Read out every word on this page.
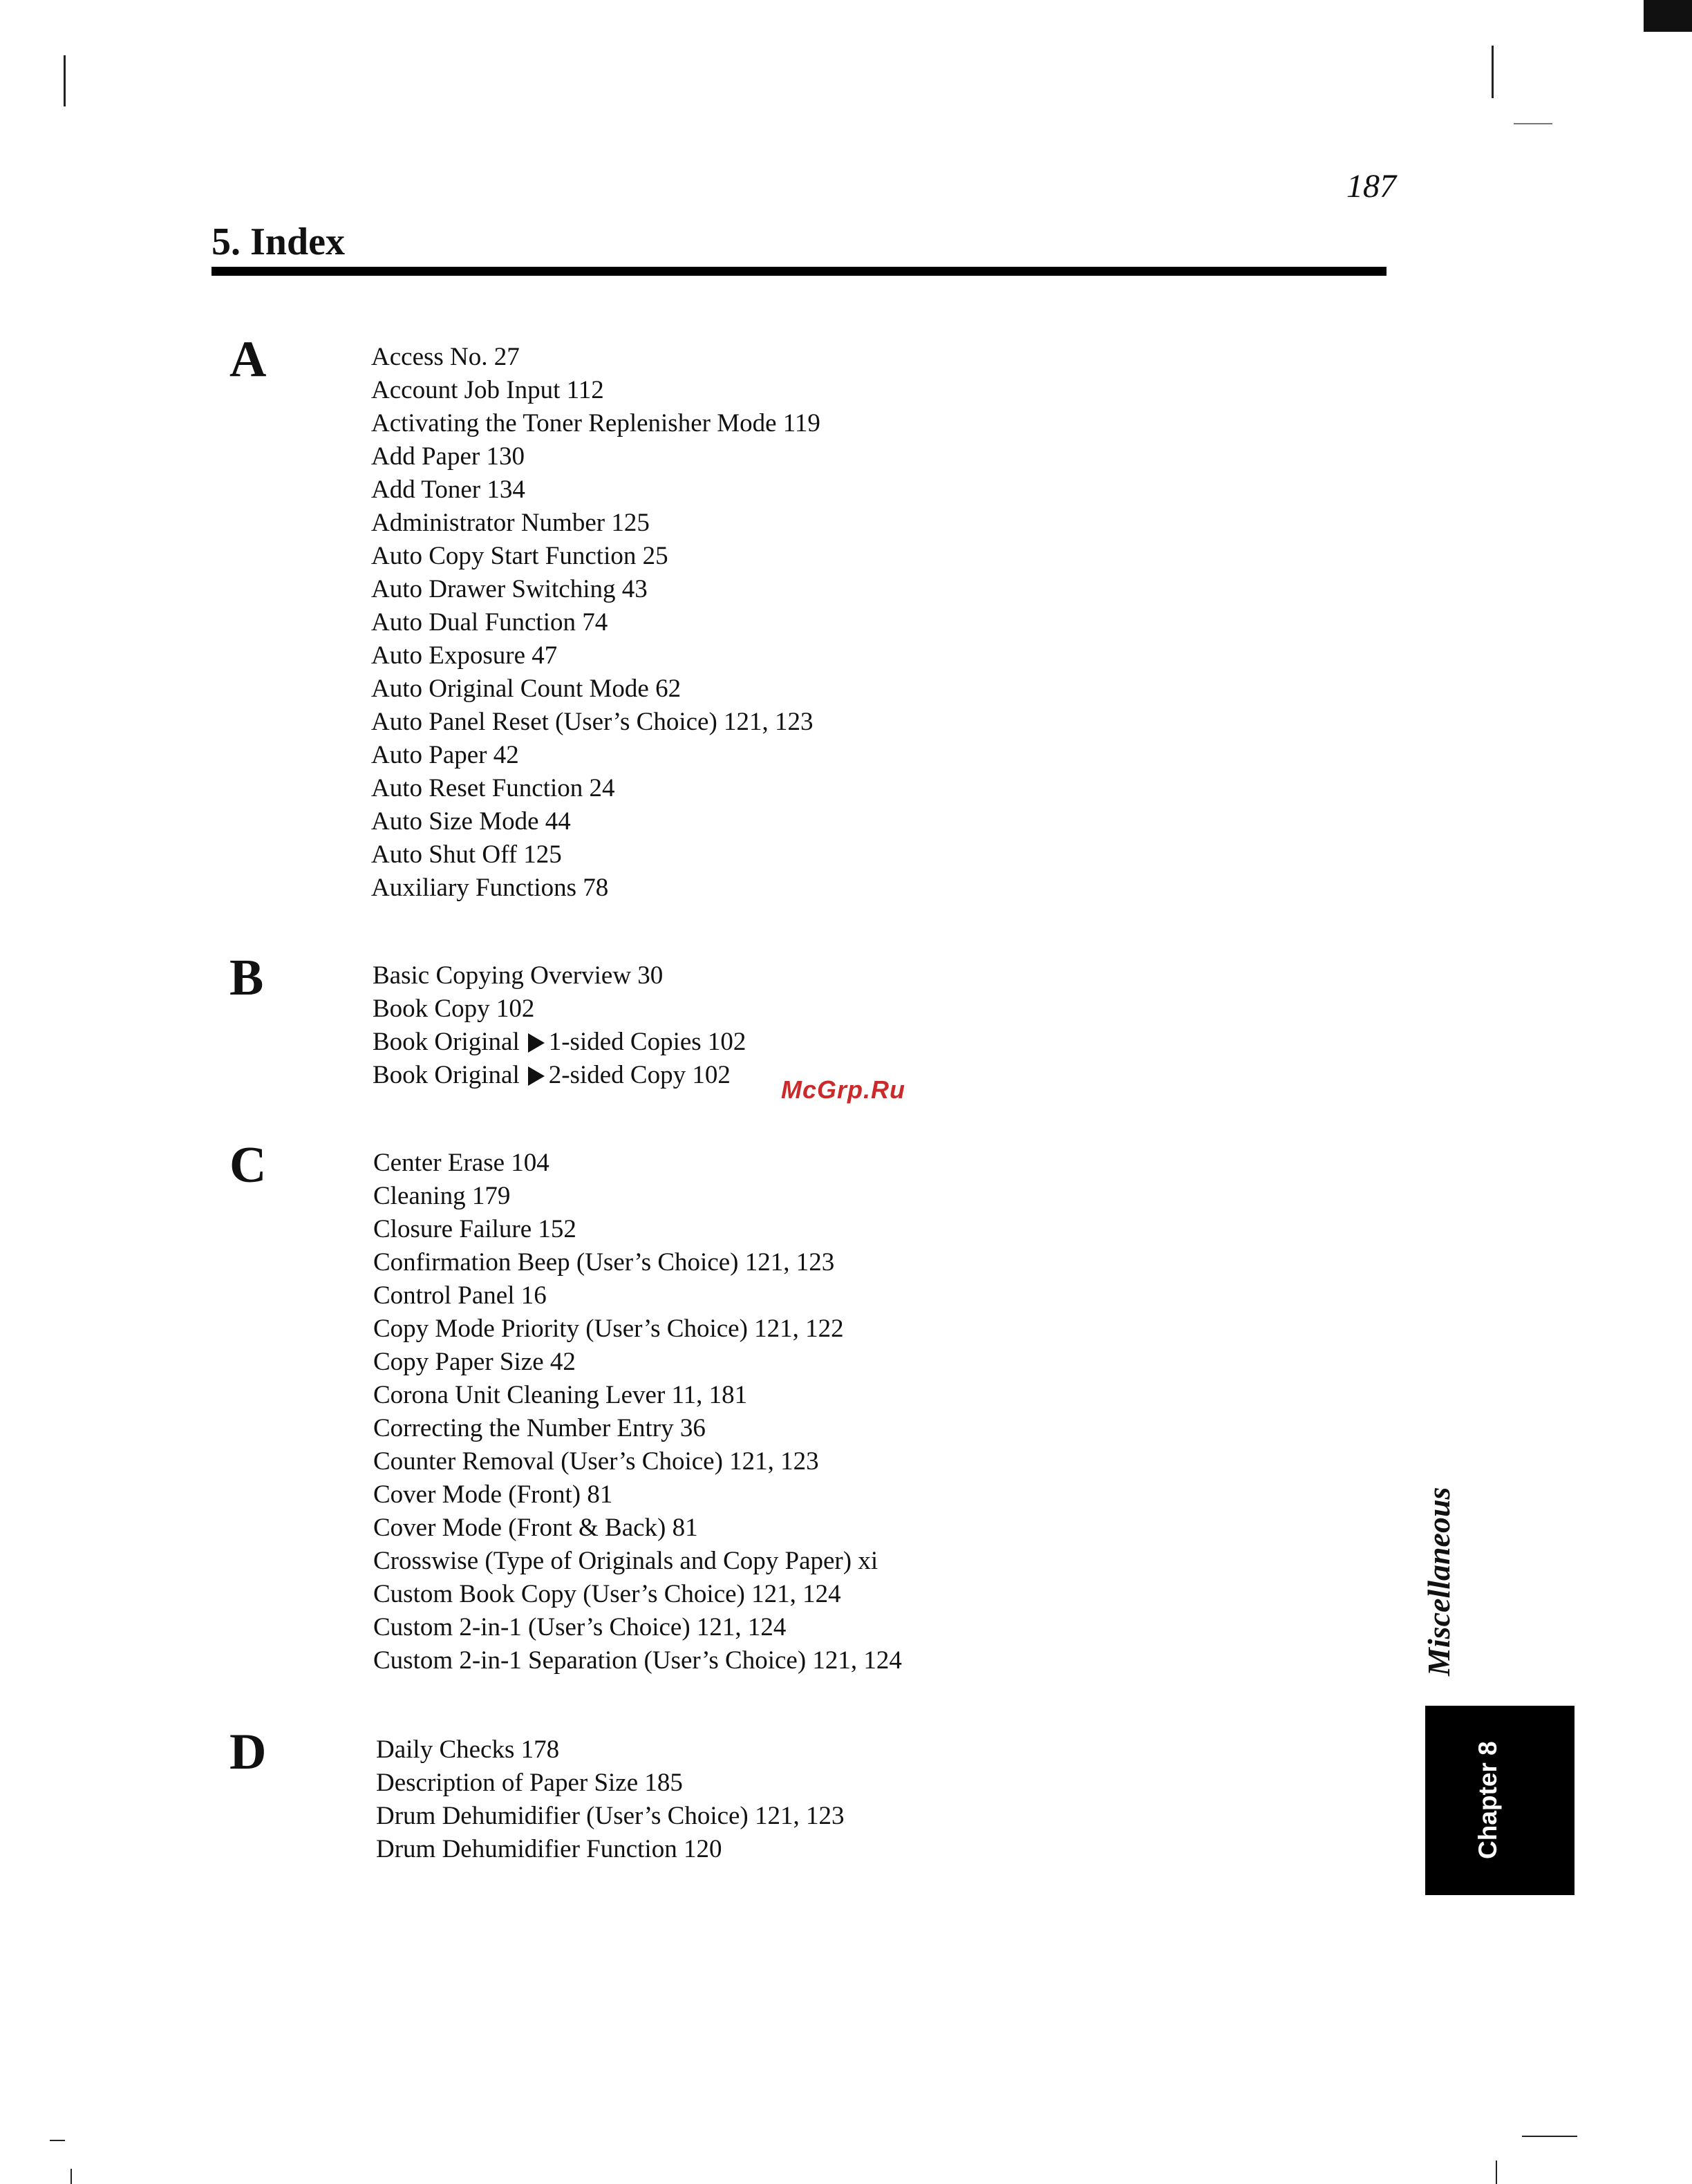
187
5. Index
A	Access No. 27
Account Job Input 112
Activating the Toner Replenisher Mode 119
Add Paper 130
Add Toner 134
Administrator Number 125
Auto Copy Start Function 25
Auto Drawer Switching 43
Auto Dual Function 74
Auto Exposure 47
Auto Original Count Mode 62
Auto Panel Reset (User’s Choice) 121, 123
Auto Paper 42
Auto Reset Function 24
Auto Size Mode 44
Auto Shut Off 125
Auxiliary Functions 78
B	Basic Copying Overview 30
Book Copy 102
Book Original 1-sided Copies 102
Book Original 2-sided Copy 102
McGrp.Ru
C	Center Erase 104
Cleaning 179
Closure Failure 152
Confirmation Beep (User’s Choice) 121, 123
Control Panel 16
Copy Mode Priority (User’s Choice) 121, 122
Copy Paper Size 42
Corona Unit Cleaning Lever 11, 181
Correcting the Number Entry 36
Counter Removal (User’s Choice) 121, 123
Cover Mode (Front) 81
Cover Mode (Front & Back) 81
Crosswise (Type of Originals and Copy Paper) xi
Custom Book Copy (User’s Choice) 121, 124
Custom 2-in-1 (User’s Choice) 121, 124
Custom 2-in-1 Separation (User’s Choice) 121, 124
D	Daily Checks 178
Description of Paper Size 185
Drum Dehumidifier (User’s Choice) 121, 123
Drum Dehumidifier Function 120
Miscellaneous
Chapter 8
